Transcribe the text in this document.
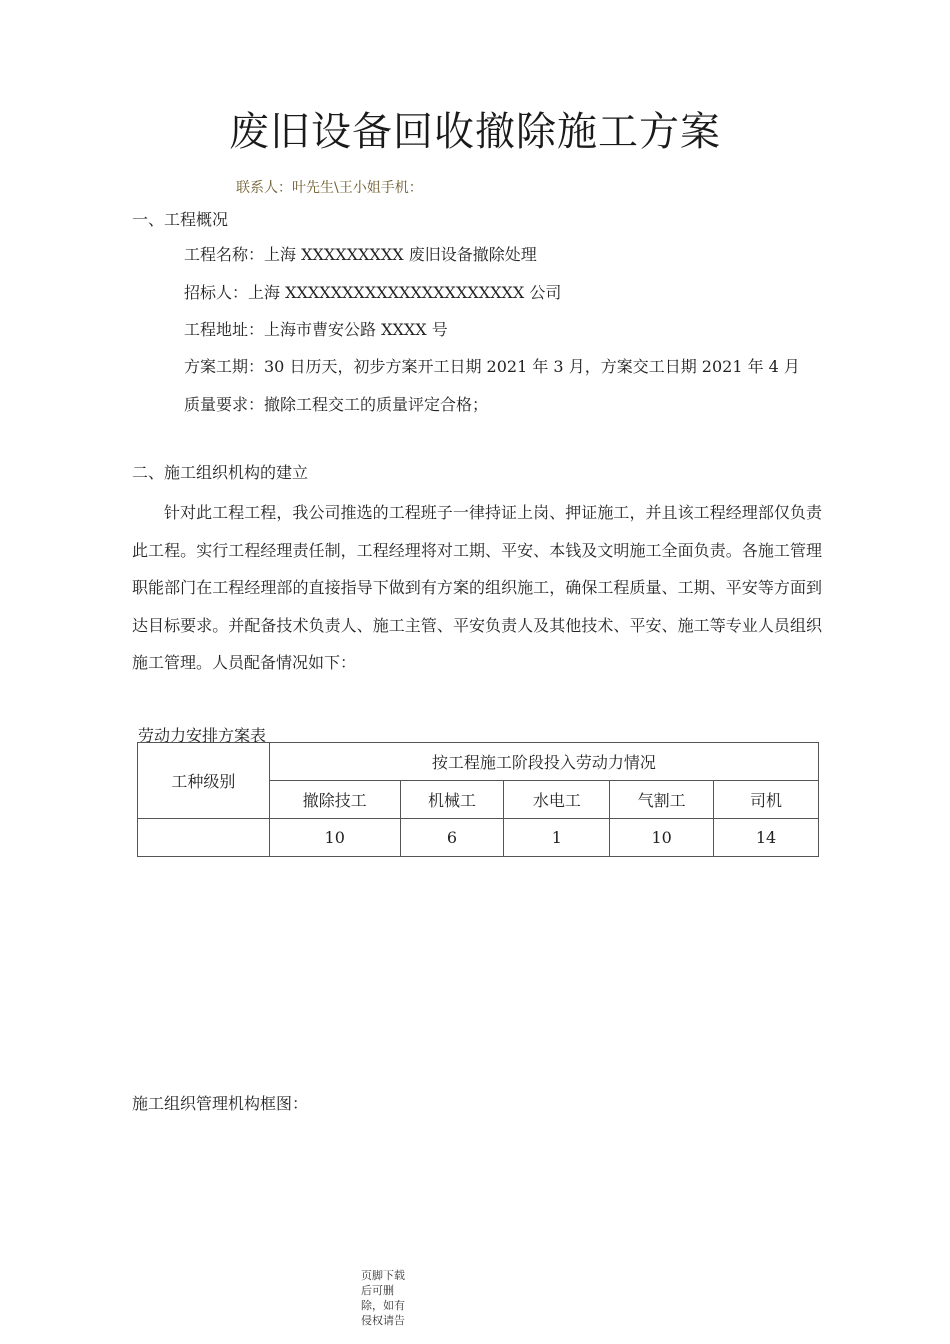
废旧设备回收撤除施工方案
联系人：叶先生\王小姐手机：
一、工程概况
工程名称：上海 XXXXXXXXX 废旧设备撤除处理
招标人：上海 XXXXXXXXXXXXXXXXXXXXX 公司
工程地址：上海市曹安公路 XXXX 号
方案工期：30 日历天，初步方案开工日期 2021 年 3 月，方案交工日期 2021 年 4 月
质量要求：撤除工程交工的质量评定合格；
二、施工组织机构的建立
针对此工程工程，我公司推选的工程班子一律持证上岗、押证施工，并且该工程经理部仅负责此工程。实行工程经理责任制，工程经理将对工期、平安、本钱及文明施工全面负责。各施工管理职能部门在工程经理部的直接指导下做到有方案的组织施工，确保工程质量、工期、平安等方面到达目标要求。并配备技术负责人、施工主管、平安负责人及其他技术、平安、施工等专业人员组织施工管理。人员配备情况如下：
劳动力安排方案表
工种级别	按工程施工阶段投入劳动力情况				
	撤除技工	机械工	水电工	气割工	司机
	10	6	1	10	14
施工组织管理机构框图：
页脚下载后可删除，如有侵权请告
